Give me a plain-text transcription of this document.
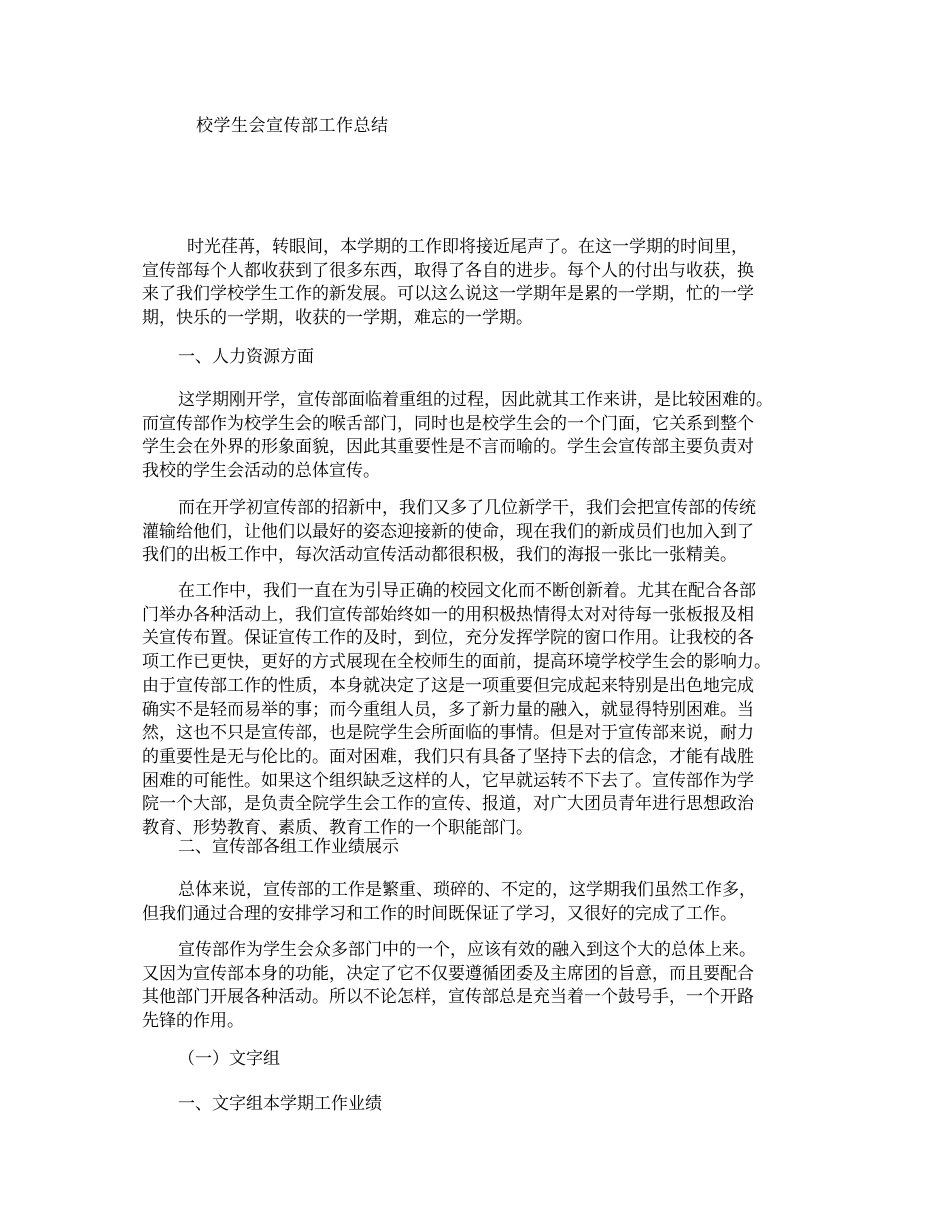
校学生会宣传部工作总结
时光荏苒，转眼间，本学期的工作即将接近尾声了。在这一学期的时间里，
宣传部每个人都收获到了很多东西，取得了各自的进步。每个人的付出与收获，换
来了我们学校学生工作的新发展。可以这么说这一学期年是累的一学期，忙的一学
期，快乐的一学期，收获的一学期，难忘的一学期。
一、人力资源方面
这学期刚开学，宣传部面临着重组的过程，因此就其工作来讲，是比较困难的。
而宣传部作为校学生会的喉舌部门，同时也是校学生会的一个门面，它关系到整个
学生会在外界的形象面貌，因此其重要性是不言而喻的。学生会宣传部主要负责对
我校的学生会活动的总体宣传。
而在开学初宣传部的招新中，我们又多了几位新学干，我们会把宣传部的传统
灌输给他们，让他们以最好的姿态迎接新的使命，现在我们的新成员们也加入到了
我们的出板工作中，每次活动宣传活动都很积极，我们的海报一张比一张精美。
在工作中，我们一直在为引导正确的校园文化而不断创新着。尤其在配合各部
门举办各种活动上，我们宣传部始终如一的用积极热情得太对对待每一张板报及相
关宣传布置。保证宣传工作的及时，到位，充分发挥学院的窗口作用。让我校的各
项工作已更快，更好的方式展现在全校师生的面前，提高环境学校学生会的影响力。
由于宣传部工作的性质，本身就决定了这是一项重要但完成起来特别是出色地完成
确实不是轻而易举的事；而今重组人员，多了新力量的融入，就显得特别困难。当
然，这也不只是宣传部，也是院学生会所面临的事情。但是对于宣传部来说，耐力
的重要性是无与伦比的。面对困难，我们只有具备了坚持下去的信念，才能有战胜
困难的可能性。如果这个组织缺乏这样的人，它早就运转不下去了。宣传部作为学
院一个大部，是负责全院学生会工作的宣传、报道，对广大团员青年进行思想政治
教育、形势教育、素质、教育工作的一个职能部门。
二、宣传部各组工作业绩展示
总体来说，宣传部的工作是繁重、琐碎的、不定的，这学期我们虽然工作多，
但我们通过合理的安排学习和工作的时间既保证了学习，又很好的完成了工作。
宣传部作为学生会众多部门中的一个，应该有效的融入到这个大的总体上来。
又因为宣传部本身的功能，决定了它不仅要遵循团委及主席团的旨意，而且要配合
其他部门开展各种活动。所以不论怎样，宣传部总是充当着一个鼓号手，一个开路
先锋的作用。
（一）文字组
一、文字组本学期工作业绩
